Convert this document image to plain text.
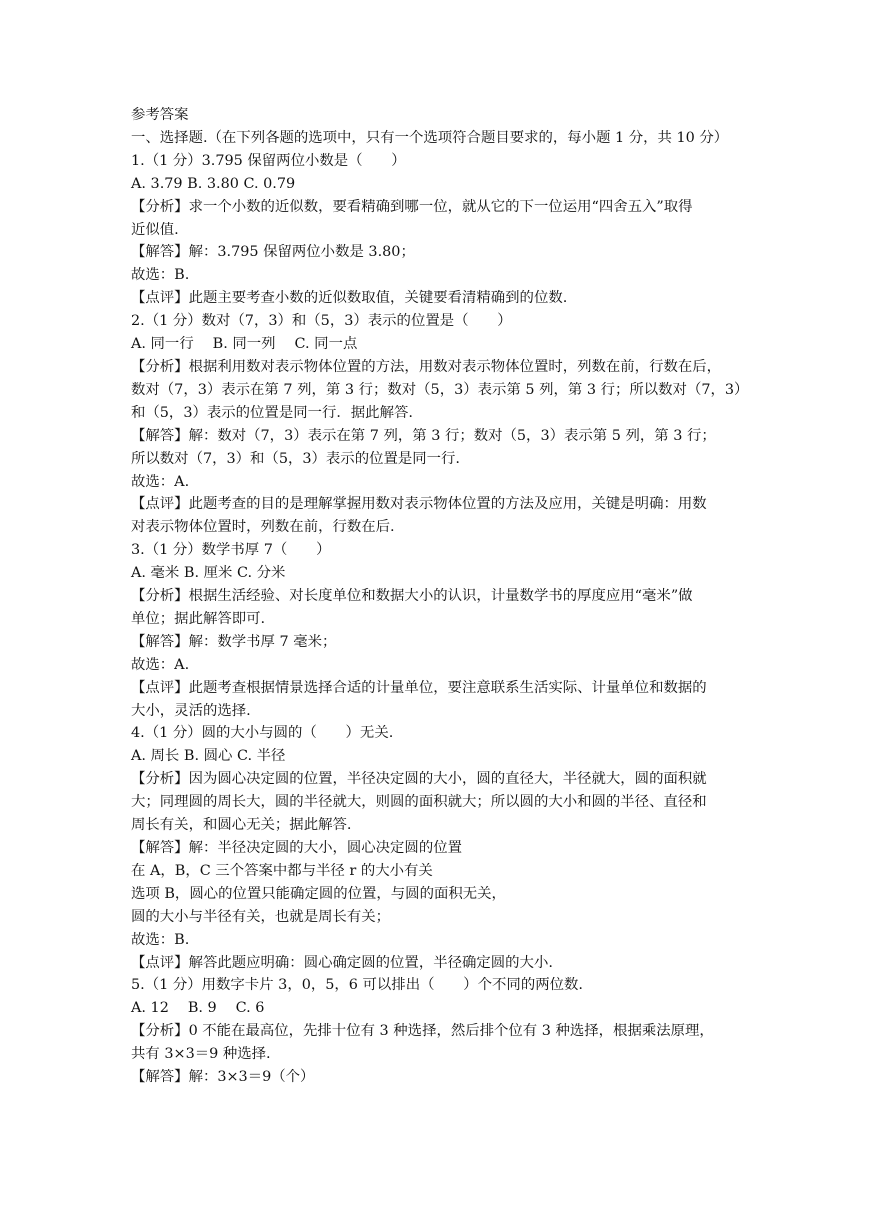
参考答案

一、选择题.（在下列各题的选项中，只有一个选项符合题目要求的，每小题 1 分，共 10 分）

1.（1 分）3.795 保留两位小数是（　　）

A. 3.79 B. 3.80 C. 0.79

【分析】求一个小数的近似数，要看精确到哪一位，就从它的下一位运用“四舍五入”取得

近似值.

【解答】解：3.795 保留两位小数是 3.80；

故选：B.

【点评】此题主要考查小数的近似数取值，关键要看清精确到的位数.

2.（1 分）数对（7，3）和（5，3）表示的位置是（　　）

A. 同一行　 B. 同一列　 C. 同一点

【分析】根据利用数对表示物体位置的方法，用数对表示物体位置时，列数在前，行数在后，

数对（7，3）表示在第 7 列，第 3 行；数对（5，3）表示第 5 列，第 3 行；所以数对（7，3）

和（5，3）表示的位置是同一行．据此解答.

【解答】解：数对（7，3）表示在第 7 列，第 3 行；数对（5，3）表示第 5 列，第 3 行；

所以数对（7，3）和（5，3）表示的位置是同一行.

故选：A.

【点评】此题考查的目的是理解掌握用数对表示物体位置的方法及应用，关键是明确：用数

对表示物体位置时，列数在前，行数在后.

3.（1 分）数学书厚 7（　　）

A. 毫米 B. 厘米 C. 分米

【分析】根据生活经验、对长度单位和数据大小的认识，计量数学书的厚度应用“毫米”做

单位；据此解答即可.

【解答】解：数学书厚 7 毫米；

故选：A.

【点评】此题考查根据情景选择合适的计量单位，要注意联系生活实际、计量单位和数据的

大小，灵活的选择.

4.（1 分）圆的大小与圆的（　　）无关.

A. 周长 B. 圆心 C. 半径

【分析】因为圆心决定圆的位置，半径决定圆的大小，圆的直径大，半径就大，圆的面积就

大；同理圆的周长大，圆的半径就大，则圆的面积就大；所以圆的大小和圆的半径、直径和

周长有关，和圆心无关；据此解答.

【解答】解：半径决定圆的大小，圆心决定圆的位置

在 A，B，C 三个答案中都与半径 r 的大小有关

选项 B，圆心的位置只能确定圆的位置，与圆的面积无关，

圆的大小与半径有关，也就是周长有关；

故选：B.

【点评】解答此题应明确：圆心确定圆的位置，半径确定圆的大小.

5.（1 分）用数字卡片 3，0，5，6 可以排出（　　）个不同的两位数.

A. 12　 B. 9　 C. 6

【分析】0 不能在最高位，先排十位有 3 种选择，然后排个位有 3 种选择，根据乘法原理，

共有 3×3＝9 种选择.

【解答】解：3×3＝9（个）
